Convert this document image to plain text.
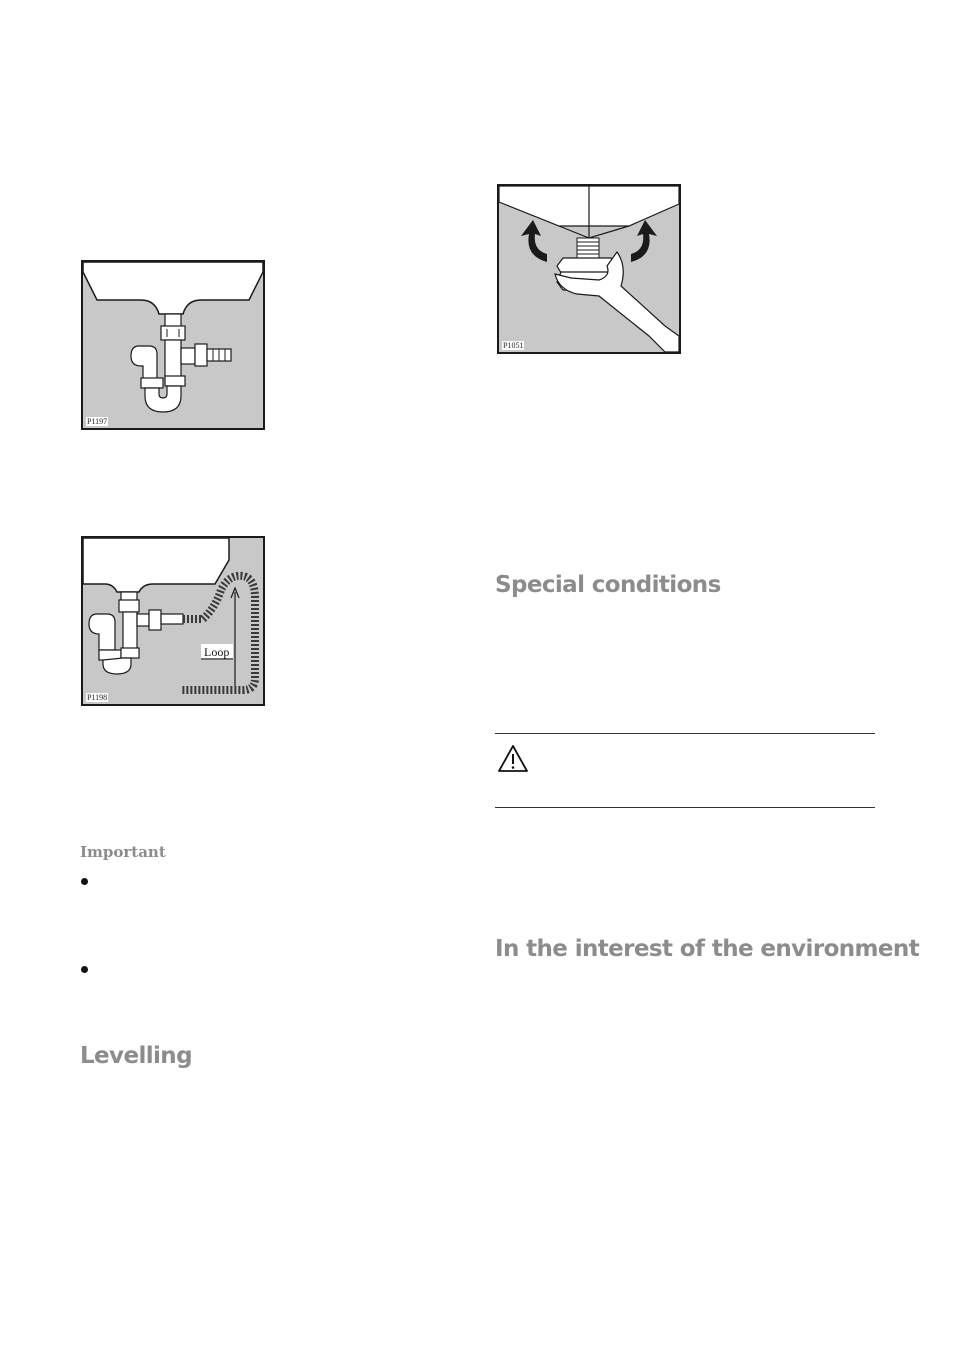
P1197
Loop
P1198
P1051
Important
Levelling
Special conditions
In the interest of the environment
